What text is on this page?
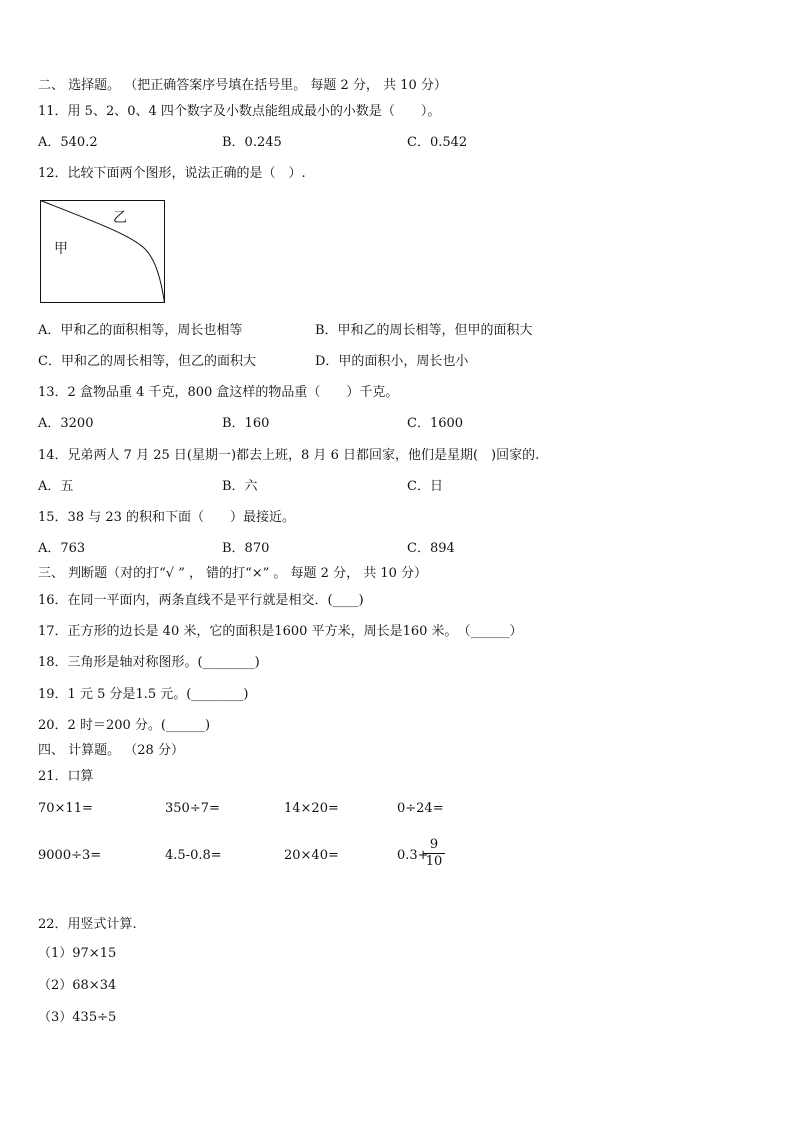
二、 选择题。 （把正确答案序号填在括号里。 每题 2 分， 共 10 分）
11．用 5、2、0、4 四个数字及小数点能组成最小的小数是（　　）。
A．540.2	B．0.245	C．0.542
12．比较下面两个图形，说法正确的是（　）.
甲
乙
A．甲和乙的面积相等，周长也相等	B．甲和乙的周长相等，但甲的面积大
C．甲和乙的周长相等，但乙的面积大	D．甲的面积小，周长也小
13．2 盒物品重 4 千克，800 盒这样的物品重（　　）千克。
A．3200	B．160	C．1600
14．兄弟两人 7 月 25 日(星期一)都去上班，8 月 6 日都回家，他们是星期(　)回家的.
A．五	B．六	C．日
15．38 与 23 的积和下面（　　）最接近。
A．763	B．870	C．894
三、 判断题（对的打“√ ” ， 错的打“×” 。 每题 2 分， 共 10 分）
16．在同一平面内，两条直线不是平行就是相交．(____)
17．正方形的边长是 40 米，它的面积是1600 平方米，周长是160 米。　（______）
18．三角形是轴对称图形。(________)
19．1 元 5 分是1.5 元。(________)
20．2 时＝200 分。(______)
四、 计算题。 （28 分）
21．口算
70×11=	350÷7=	14×20=	0÷24=
9000÷3=	4.5-0.8=	20×40=	0.3+
$\frac{9}{10}$
22．用竖式计算.
（1）97×15
（2）68×34
（3）435÷5
